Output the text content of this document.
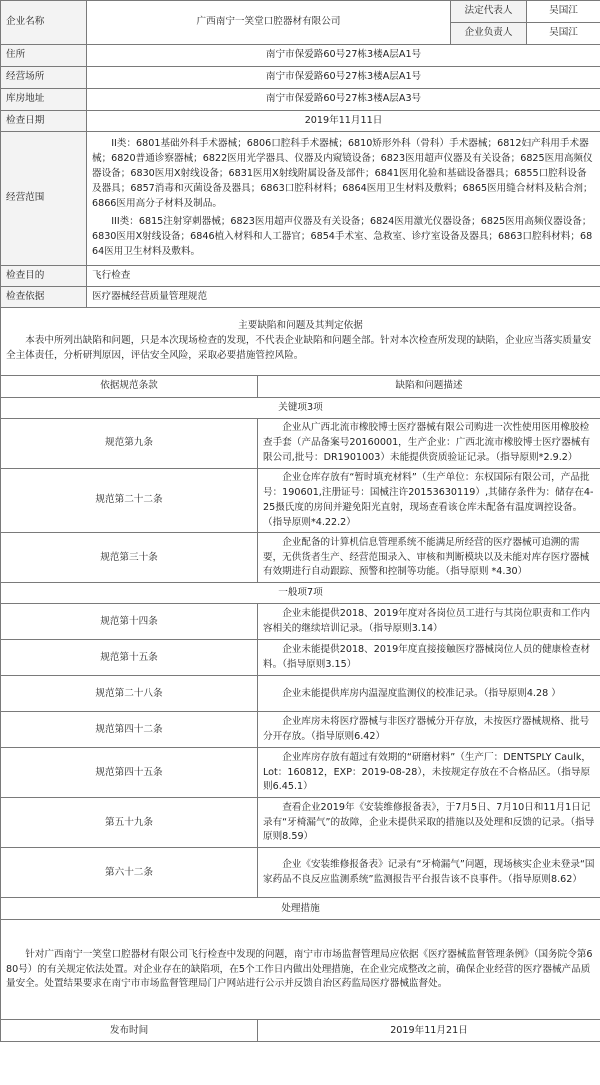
企业名称	广西南宁一笑堂口腔器材有限公司		法定代表人	吴国江
			企业负责人	吴国江
住所	南宁市保爱路60号27栋3楼A层A1号			
经营场所	南宁市保爱路60号27栋3楼A层A1号			
库房地址	南宁市保爱路60号27栋3楼A层A3号			
检查日期	2019年11月11日			
经营范围	II类：6801基础外科手术器械；6806口腔科手术器械；6810矫形外科（骨科）手术器械；6812妇产科用手术器械；6820普通诊察器械；6822医用光学器具、仪器及内窥镜设备；6823医用超声仪器及有关设备；6825医用高频仪器设备；6830医用X射线设备；6831医用X射线附属设备及部件；6841医用化验和基础设备器具；6855口腔科设备及器具；6857消毒和灭菌设备及器具；6863口腔科材料；6864医用卫生材料及敷料；6865医用缝合材料及粘合剂；6866医用高分子材料及制品。
III类：6815注射穿刺器械；6823医用超声仪器及有关设备；6824医用激光仪器设备；6825医用高频仪器设备；6830医用X射线设备；6846植入材料和人工器官；6854手术室、急救室、诊疗室设备及器具；6863口腔科材料；6864医用卫生材料及敷料。			

检查目的	飞行检查			
检查依据	医疗器械经营质量管理规范			

主要缺陷和问题及其判定依据
本表中所列出缺陷和问题，只是本次现场检查的发现，不代表企业缺陷和问题全部。针对本次检查所发现的缺陷，企业应当落实质量安全主体责任，分析研判原因，评估安全风险，采取必要措施管控风险。				

依据规范条款		缺陷和问题描述		
关键项3项				
规范第九条		企业从广西北流市橡胶博士医疗器械有限公司购进一次性使用医用橡胶检查手套（产品备案号20160001，生产企业：广西北流市橡胶博士医疗器械有限公司,批号：DR1901003）未能提供资质验证记录。（指导原则*2.9.2）		
规范第二十二条		企业仓库存放有“暂时填充材料”（生产单位：东权国际有限公司，产品批号：190601,注册证号：国械注许20153630119）,其储存条件为：储存在4-25摄氏度的房间并避免阳光直射，现场查看该仓库未配备有温度调控设备。（指导原则*4.22.2）		
规范第三十条		企业配备的计算机信息管理系统不能满足所经营的医疗器械可追溯的需要，无供货者生产、经营范围录入、审核和判断模块以及未能对库存医疗器械有效期进行自动跟踪、预警和控制等功能。（指导原则 *4.30）		
一般项7项				
规范第十四条		企业未能提供2018、2019年度对各岗位员工进行与其岗位职责和工作内容相关的继续培训记录。（指导原则3.14）		
规范第十五条		企业未能提供2018、2019年度直接接触医疗器械岗位人员的健康检查材料。（指导原则3.15）		
规范第二十八条		企业未能提供库房内温湿度监测仪的校准记录。（指导原则4.28 ）		
规范第四十二条		企业库房未将医疗器械与非医疗器械分开存放，未按医疗器械规格、批号分开存放。（指导原则6.42）		
规范第四十五条		企业库房存放有超过有效期的“研磨材料”（生产厂：DENTSPLY Caulk，Lot：160812，EXP：2019-08-28），未按规定存放在不合格品区。（指导原则6.45.1）		
第五十九条		查看企业2019年《安装维修报备表》，于7月5日、7月10日和11月1日记录有“牙椅漏气”的故障，企业未提供采取的措施以及处理和反馈的记录。（指导原则8.59）		
第六十二条		企业《安装维修报备表》记录有“牙椅漏气”问题，现场核实企业未登录“国家药品不良反应监测系统”监测报告平台报告该不良事件。（指导原则8.62）		
处理措施				
针对广西南宁一笑堂口腔器材有限公司飞行检查中发现的问题，南宁市市场监督管理局应依据《医疗器械监督管理条例》（国务院令第680号）的有关规定依法处置。对企业存在的缺陷项，在5个工作日内做出处理措施，在企业完成整改之前，确保企业经营的医疗器械产品质量安全。处置结果要求在南宁市市场监督管理局门户网站进行公示并反馈自治区药监局医疗器械监督处。				
发布时间		2019年11月21日		
